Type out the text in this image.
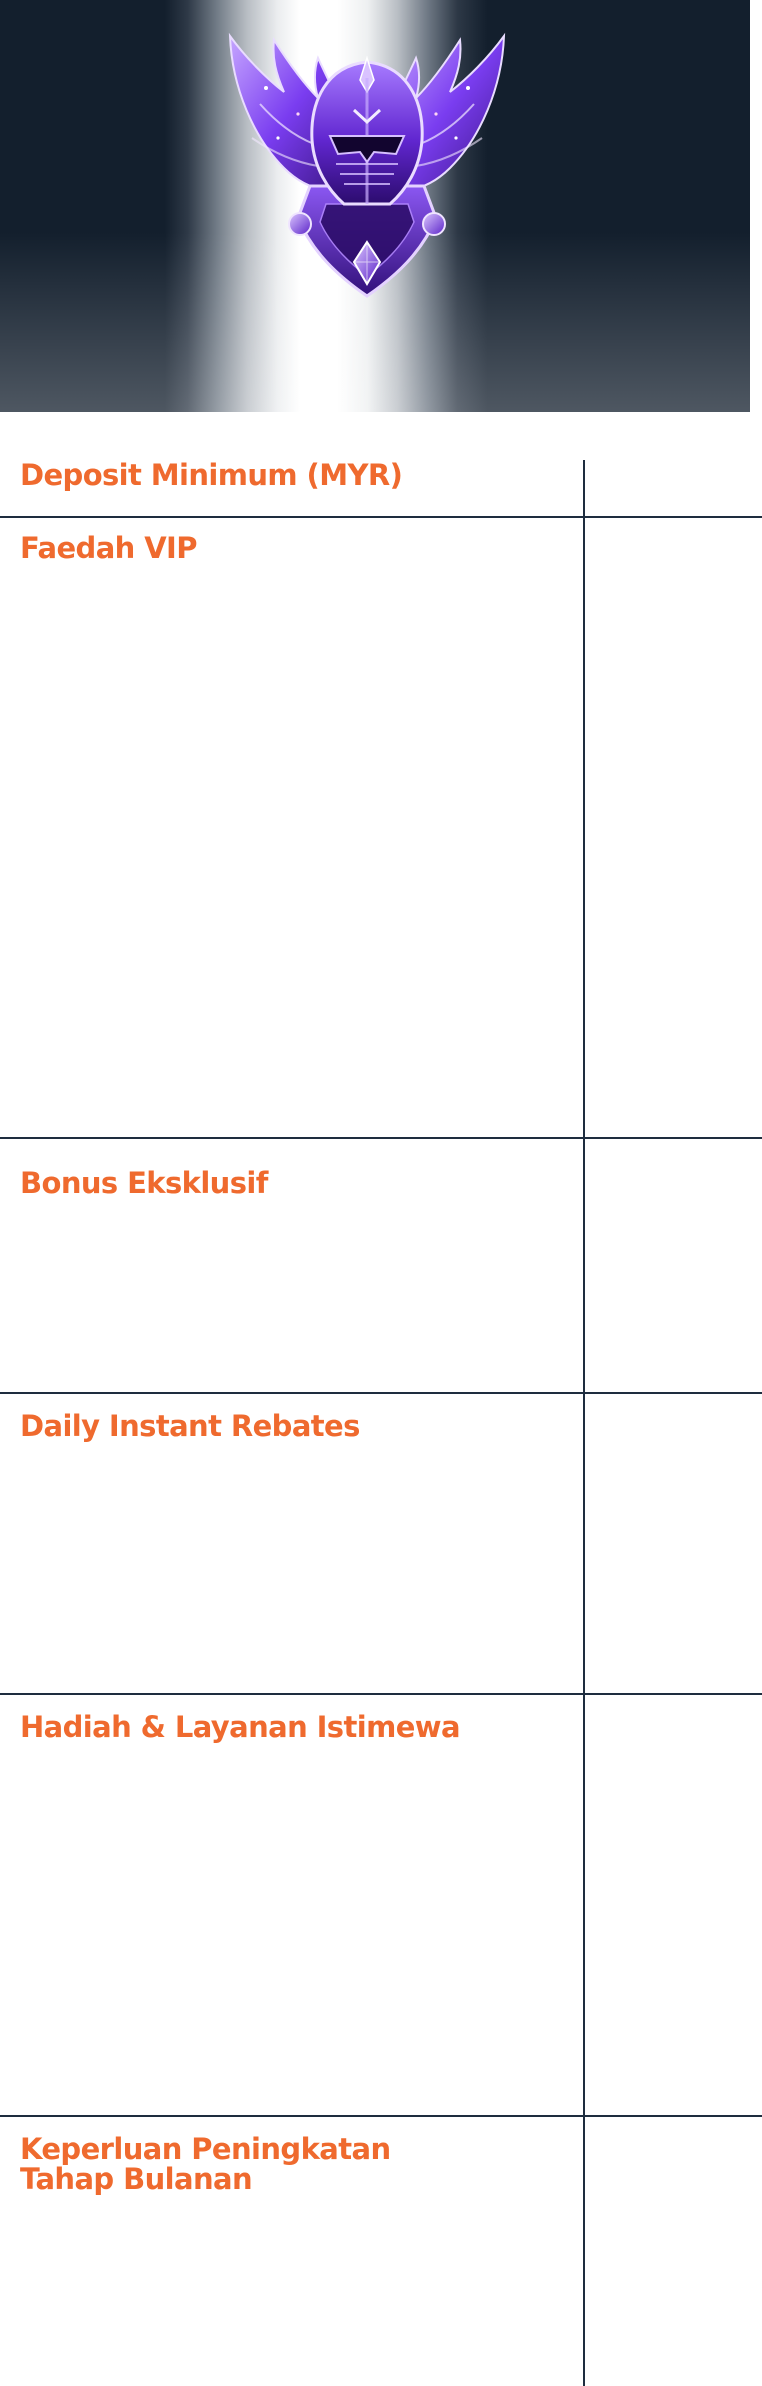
Deposit Minimum (MYR)
Faedah VIP
Bonus Eksklusif
Daily Instant Rebates
Hadiah & Layanan Istimewa
Keperluan Peningkatan
Tahap Bulanan
